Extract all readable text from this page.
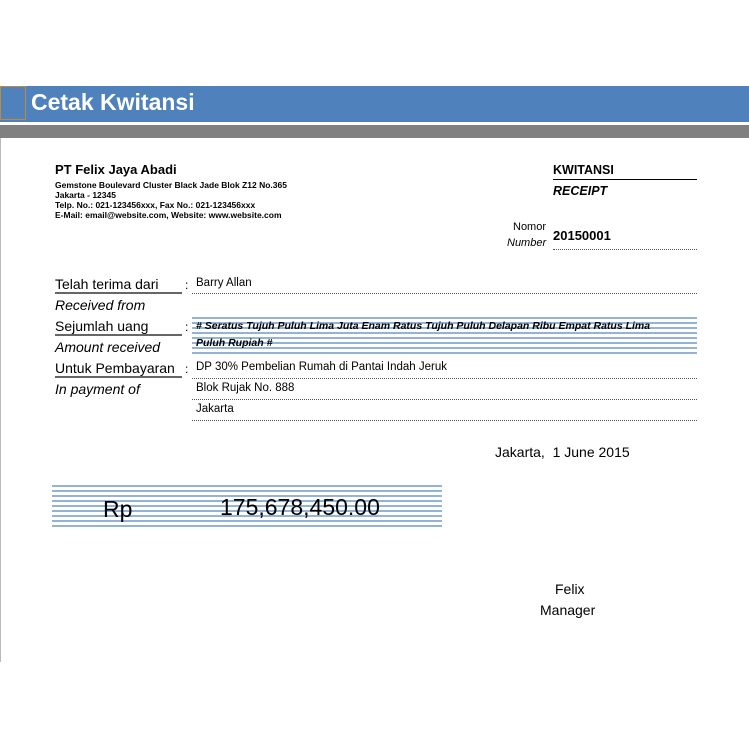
Cetak Kwitansi
PT Felix Jaya Abadi
Gemstone Boulevard Cluster Black Jade Blok Z12 No.365
Jakarta - 12345
Telp. No.: 021-123456xxx, Fax No.: 021-123456xxx
E-Mail: email@website.com, Website: www.website.com
KWITANSI
RECEIPT
Nomor
Number 20150001
Telah terima dari
Received from
: Barry Allan
Sejumlah uang
Amount received
: # Seratus Tujuh Puluh Lima Juta Enam Ratus Tujuh Puluh Delapan Ribu Empat Ratus Lima
Puluh Rupiah #
Untuk Pembayaran
In payment of
: DP 30% Pembelian Rumah di Pantai Indah Jeruk
Blok Rujak No. 888
Jakarta
Jakarta,  1 June 2015
Rp	175,678,450.00
Felix
Manager
